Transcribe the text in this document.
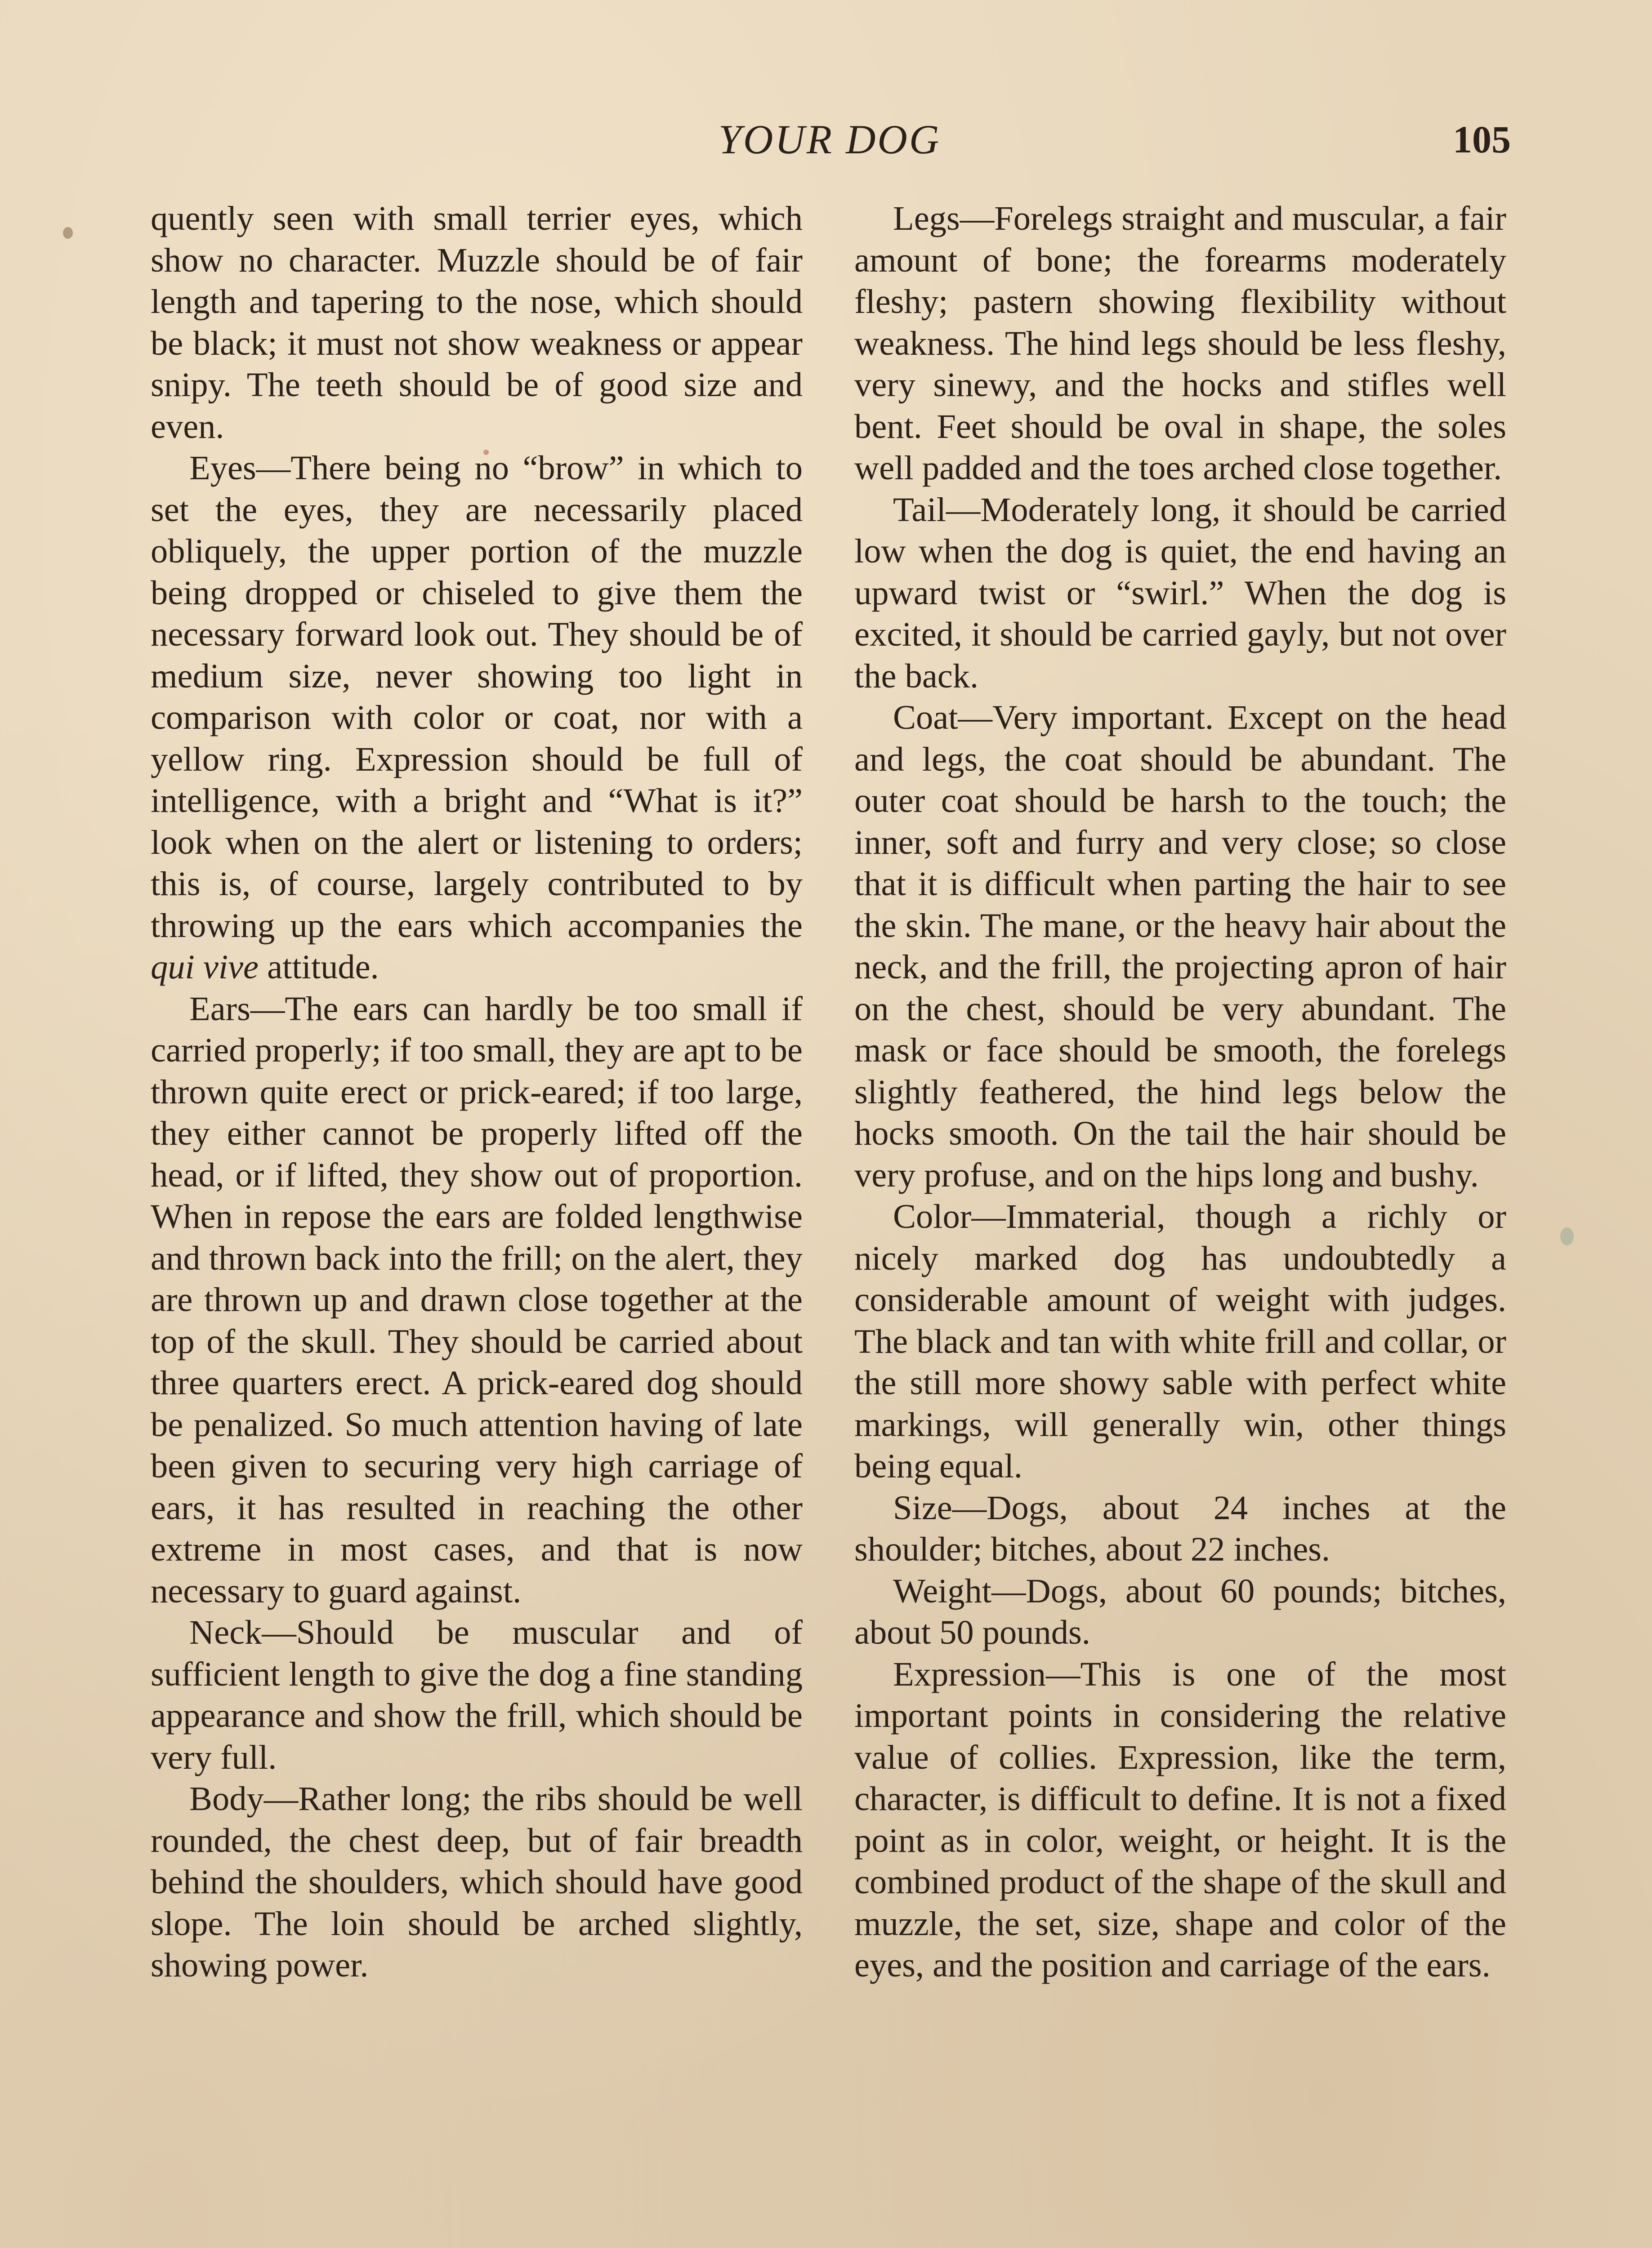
YOUR DOG	105

quently seen with small terrier eyes, which show no character. Muzzle should be of fair length and tapering to the nose, which should be black; it must not show weakness or appear snipy. The teeth should be of good size and even.

Eyes—There being no “brow” in which to set the eyes, they are necessarily placed obliquely, the upper portion of the muzzle being dropped or chiseled to give them the necessary forward look out. They should be of medium size, never showing too light in comparison with color or coat, nor with a yellow ring. Expression should be full of intelligence, with a bright and “What is it?” look when on the alert or listening to orders; this is, of course, largely contributed to by throwing up the ears which accompanies the qui vive attitude.

Ears—The ears can hardly be too small if carried properly; if too small, they are apt to be thrown quite erect or prick-eared; if too large, they either cannot be properly lifted off the head, or if lifted, they show out of proportion. When in repose the ears are folded lengthwise and thrown back into the frill; on the alert, they are thrown up and drawn close together at the top of the skull. They should be carried about three quarters erect. A prick-eared dog should be penalized. So much attention having of late been given to securing very high carriage of ears, it has resulted in reaching the other extreme in most cases, and that is now necessary to guard against.

Neck—Should be muscular and of sufficient length to give the dog a fine standing appearance and show the frill, which should be very full.

Body—Rather long; the ribs should be well rounded, the chest deep, but of fair breadth behind the shoulders, which should have good slope. The loin should be arched slightly, showing power.

Legs—Forelegs straight and muscular, a fair amount of bone; the forearms moderately fleshy; pastern showing flexibility without weakness. The hind legs should be less fleshy, very sinewy, and the hocks and stifles well bent. Feet should be oval in shape, the soles well padded and the toes arched close together.

Tail—Moderately long, it should be carried low when the dog is quiet, the end having an upward twist or “swirl.” When the dog is excited, it should be carried gayly, but not over the back.

Coat—Very important. Except on the head and legs, the coat should be abundant. The outer coat should be harsh to the touch; the inner, soft and furry and very close; so close that it is difficult when parting the hair to see the skin. The mane, or the heavy hair about the neck, and the frill, the projecting apron of hair on the chest, should be very abundant. The mask or face should be smooth, the forelegs slightly feathered, the hind legs below the hocks smooth. On the tail the hair should be very profuse, and on the hips long and bushy.

Color—Immaterial, though a richly or nicely marked dog has undoubtedly a considerable amount of weight with judges. The black and tan with white frill and collar, or the still more showy sable with perfect white markings, will generally win, other things being equal.

Size—Dogs, about 24 inches at the shoulder; bitches, about 22 inches.

Weight—Dogs, about 60 pounds; bitches, about 50 pounds.

Expression—This is one of the most important points in considering the relative value of collies. Expression, like the term, character, is difficult to define. It is not a fixed point as in color, weight, or height. It is the combined product of the shape of the skull and muzzle, the set, size, shape and color of the eyes, and the position and carriage of the ears.
